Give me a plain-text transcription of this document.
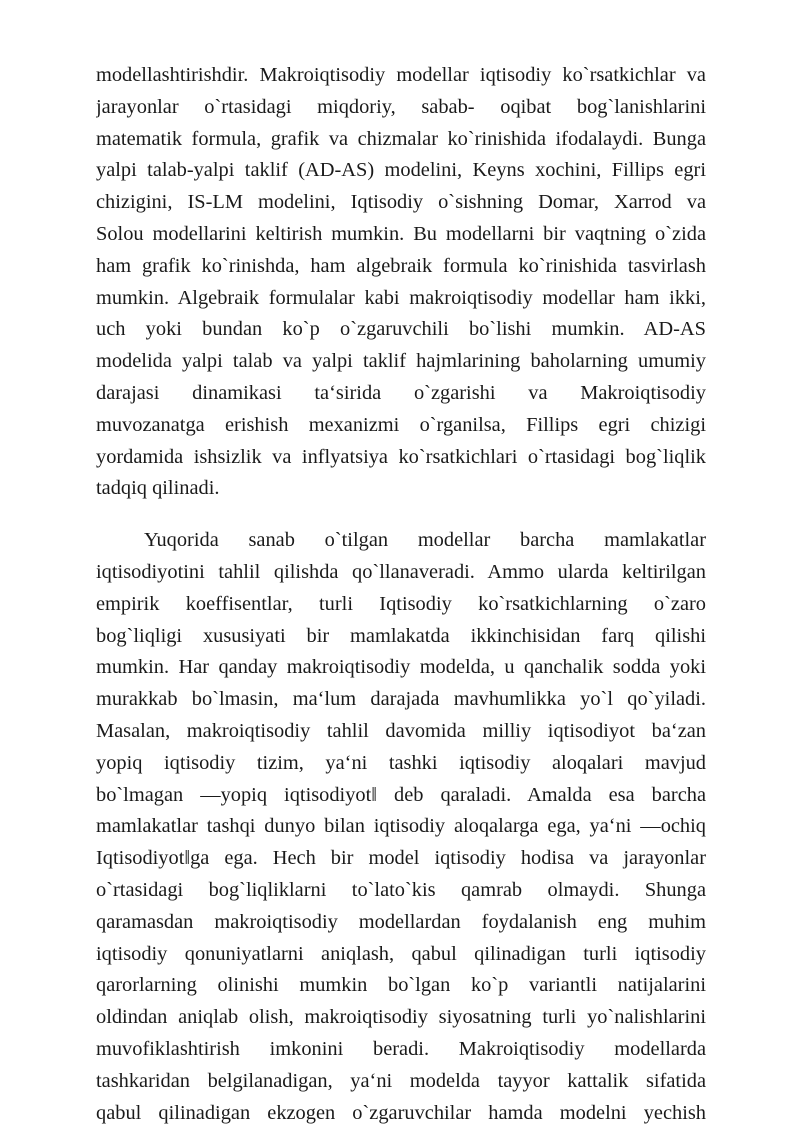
modellashtirishdir. Makroiqtisodiy modellar iqtisodiy ko`rsatkichlar va
jarayonlar o`rtasidagi miqdoriy, sabab- oqibat bog`lanishlarini
matematik formula, grafik va chizmalar ko`rinishida ifodalaydi. Bunga
yalpi talab-yalpi taklif (AD-AS) modelini, Keyns xochini, Fillips egri
chizigini, IS-LM modelini, Iqtisodiy o`sishning Domar, Xarrod va
Solou modellarini keltirish mumkin. Bu modellarni bir vaqtning o`zida
ham grafik ko`rinishda, ham algebraik formula ko`rinishida tasvirlash
mumkin. Algebraik formulalar kabi makroiqtisodiy modellar ham ikki,
uch yoki bundan ko`p o`zgaruvchili bo`lishi mumkin. AD-AS
modelida yalpi talab va yalpi taklif hajmlarining baholarning umumiy
darajasi dinamikasi ta‘sirida o`zgarishi va Makroiqtisodiy
muvozanatga erishish mexanizmi o`rganilsa, Fillips egri chizigi
yordamida ishsizlik va inflyatsiya ko`rsatkichlari o`rtasidagi bog`liqlik
tadqiq qilinadi.
Yuqorida sanab o`tilgan modellar barcha mamlakatlar
iqtisodiyotini tahlil qilishda qo`llanaveradi. Ammo ularda keltirilgan
empirik koeffisentlar, turli Iqtisodiy ko`rsatkichlarning o`zaro
bog`liqligi xususiyati bir mamlakatda ikkinchisidan farq qilishi
mumkin. Har qanday makroiqtisodiy modelda, u qanchalik sodda yoki
murakkab bo`lmasin, ma‘lum darajada mavhumlikka yo`l qo`yiladi.
Masalan, makroiqtisodiy tahlil davomida milliy iqtisodiyot ba‘zan
yopiq iqtisodiy tizim, ya‘ni tashki iqtisodiy aloqalari mavjud
bo`lmagan ―yopiq iqtisodiyot‖ deb qaraladi. Amalda esa barcha
mamlakatlar tashqi dunyo bilan iqtisodiy aloqalarga ega, ya‘ni ―ochiq
Iqtisodiyot‖ga ega. Hech bir model iqtisodiy hodisa va jarayonlar
o`rtasidagi bog`liqliklarni to`lato`kis qamrab olmaydi. Shunga
qaramasdan makroiqtisodiy modellardan foydalanish eng muhim
iqtisodiy qonuniyatlarni aniqlash, qabul qilinadigan turli iqtisodiy
qarorlarning olinishi mumkin bo`lgan ko`p variantli natijalarini
oldindan aniqlab olish, makroiqtisodiy siyosatning turli yo`nalishlarini
muvofiklashtirish imkonini beradi. Makroiqtisodiy modellarda
tashkaridan belgilanadigan, ya‘ni modelda tayyor kattalik sifatida
qabul qilinadigan ekzogen o`zgaruvchilar hamda modelni yechish
